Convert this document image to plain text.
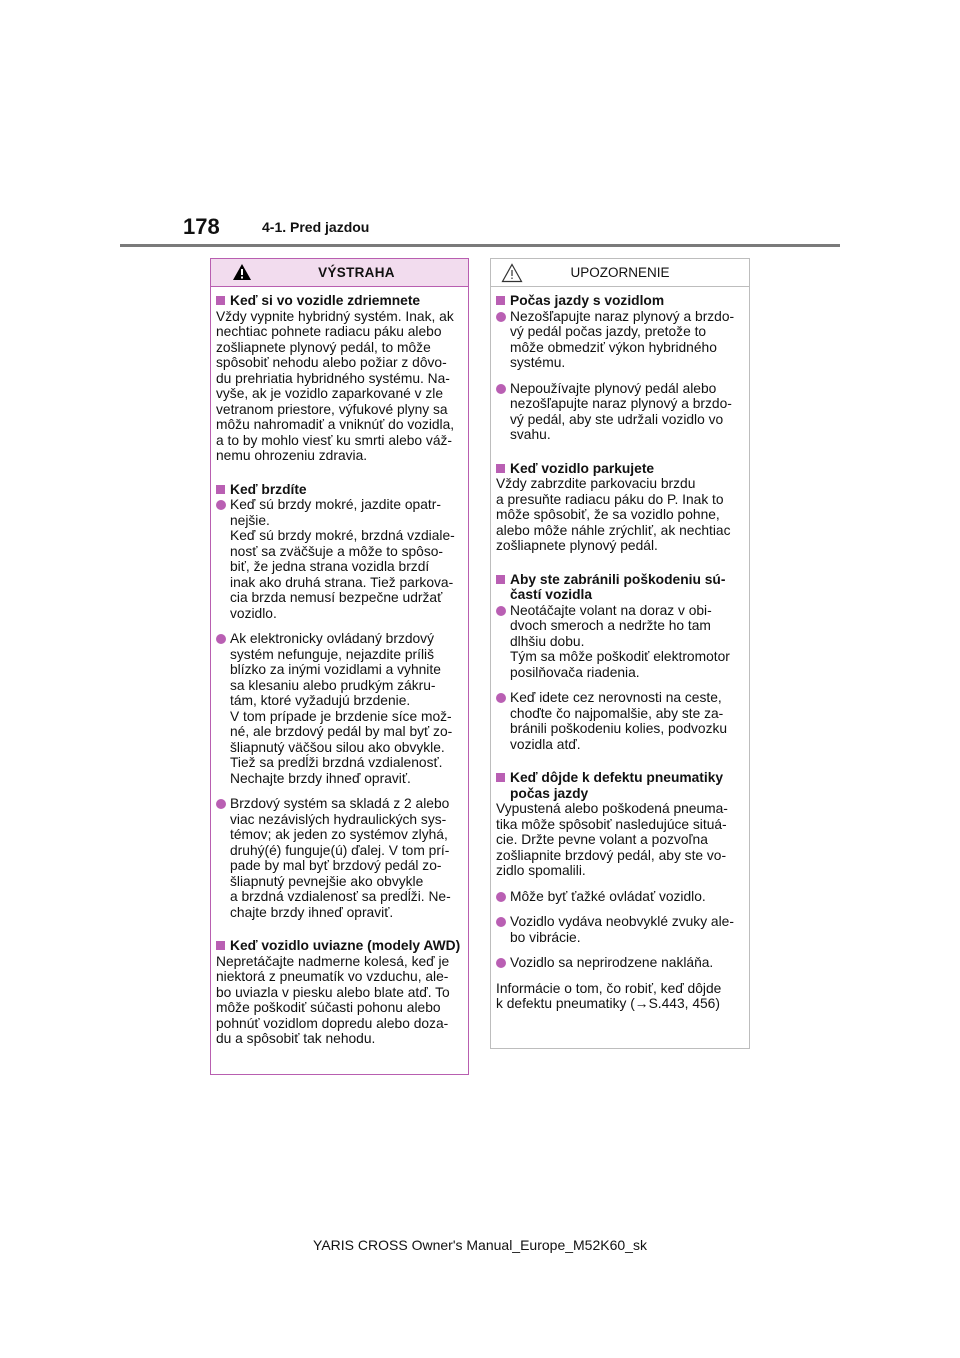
178	4-1. Pred jazdou
VÝSTRAHA
Keď si vo vozidle zdriemnete
Vždy vypnite hybridný systém. Inak, ak
nechtiac pohnete radiacu páku alebo
zošliapnete plynový pedál, to môže
spôsobiť nehodu alebo požiar z dôvo-
du prehriatia hybridného systému. Na-
vyše, ak je vozidlo zaparkované v zle
vetranom priestore, výfukové plyny sa
môžu nahromadiť a vniknúť do vozidla,
a to by mohlo viesť ku smrti alebo váž-
nemu ohrozeniu zdravia.
Keď brzdíte
Keď sú brzdy mokré, jazdite opatr-
nejšie.
Keď sú brzdy mokré, brzdná vzdiale-
nosť sa zväčšuje a môže to spôso-
biť, že jedna strana vozidla brzdí
inak ako druhá strana. Tiež parkova-
cia brzda nemusí bezpečne udržať
vozidlo.
Ak elektronicky ovládaný brzdový
systém nefunguje, nejazdite príliš
blízko za inými vozidlami a vyhnite
sa klesaniu alebo prudkým zákru-
tám, ktoré vyžadujú brzdenie.
V tom prípade je brzdenie síce mož-
né, ale brzdový pedál by mal byť zo-
šliapnutý väčšou silou ako obvykle.
Tiež sa predĺži brzdná vzdialenosť.
Nechajte brzdy ihneď opraviť.
Brzdový systém sa skladá z 2 alebo
viac nezávislých hydraulických sys-
témov; ak jeden zo systémov zlyhá,
druhý(é) funguje(ú) ďalej. V tom prí-
pade by mal byť brzdový pedál zo-
šliapnutý pevnejšie ako obvykle
a brzdná vzdialenosť sa predĺži. Ne-
chajte brzdy ihneď opraviť.
Keď vozidlo uviazne (modely AWD)
Nepretáčajte nadmerne kolesá, keď je
niektorá z pneumatík vo vzduchu, ale-
bo uviazla v piesku alebo blate atď. To
môže poškodiť súčasti pohonu alebo
pohnúť vozidlom dopredu alebo doza-
du a spôsobiť tak nehodu.
UPOZORNENIE
Počas jazdy s vozidlom
Nezošľapujte naraz plynový a brzdo-
vý pedál počas jazdy, pretože to
môže obmedziť výkon hybridného
systému.
Nepoužívajte plynový pedál alebo
nezošľapujte naraz plynový a brzdo-
vý pedál, aby ste udržali vozidlo vo
svahu.
Keď vozidlo parkujete
Vždy zabrzdite parkovaciu brzdu
a presuňte radiacu páku do P. Inak to
môže spôsobiť, že sa vozidlo pohne,
alebo môže náhle zrýchliť, ak nechtiac
zošliapnete plynový pedál.
Aby ste zabránili poškodeniu sú-
častí vozidla
Neotáčajte volant na doraz v obi-
dvoch smeroch a nedržte ho tam
dlhšiu dobu.
Tým sa môže poškodiť elektromotor
posilňovača riadenia.
Keď idete cez nerovnosti na ceste,
choďte čo najpomalšie, aby ste za-
bránili poškodeniu kolies, podvozku
vozidla atď.
Keď dôjde k defektu pneumatiky
počas jazdy
Vypustená alebo poškodená pneuma-
tika môže spôsobiť nasledujúce situá-
cie. Držte pevne volant a pozvoľna
zošliapnite brzdový pedál, aby ste vo-
zidlo spomalili.
Môže byť ťažké ovládať vozidlo.
Vozidlo vydáva neobvyklé zvuky ale-
bo vibrácie.
Vozidlo sa neprirodzene nakláňa.
Informácie o tom, čo robiť, keď dôjde
k defektu pneumatiky (→S.443, 456)
YARIS CROSS Owner's Manual_Europe_M52K60_sk
